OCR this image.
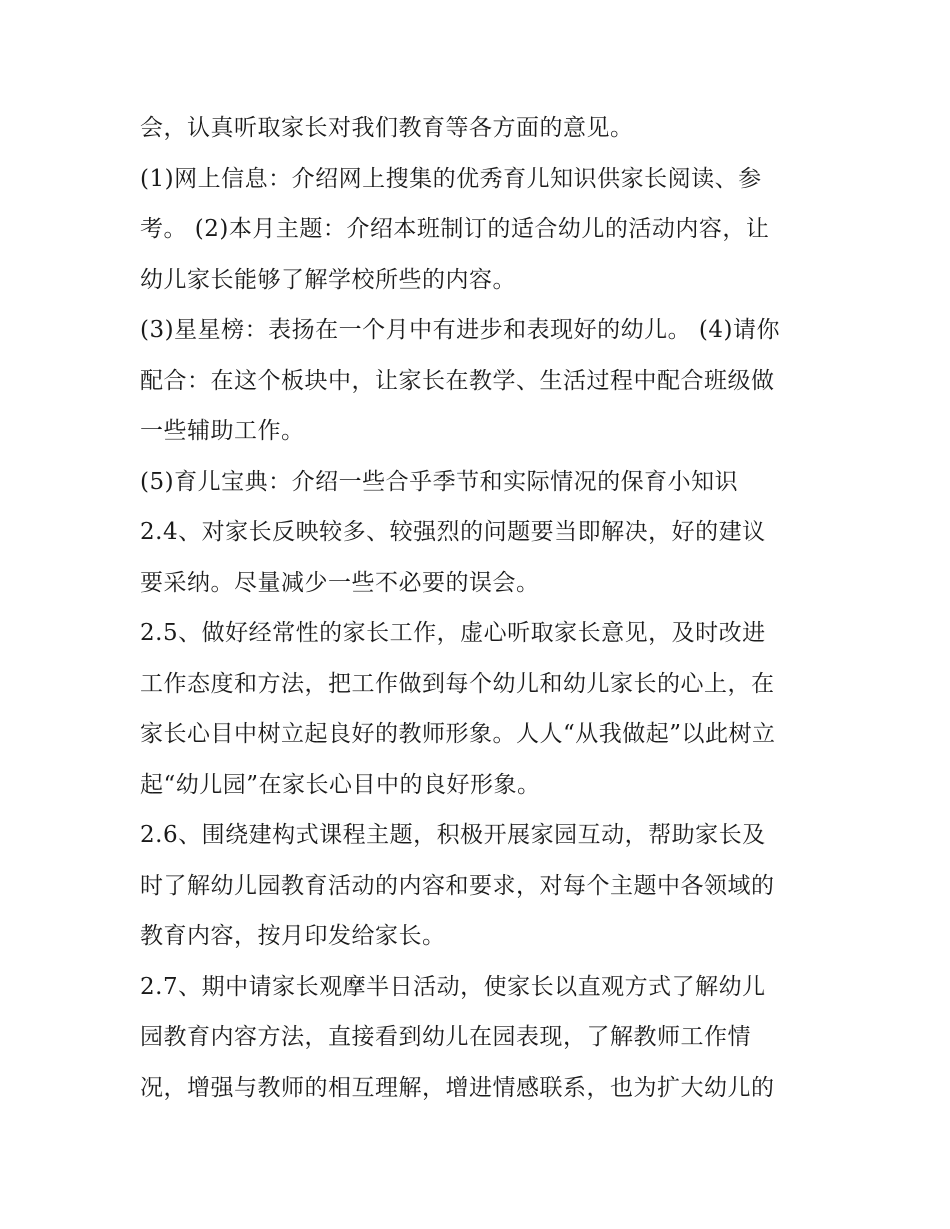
会，认真听取家长对我们教育等各方面的意见。
(1)网上信息：介绍网上搜集的优秀育儿知识供家长阅读、参
考。 (2)本月主题：介绍本班制订的适合幼儿的活动内容，让
幼儿家长能够了解学校所些的内容。
(3)星星榜：表扬在一个月中有进步和表现好的幼儿。 (4)请你
配合：在这个板块中，让家长在教学、生活过程中配合班级做
一些辅助工作。
(5)育儿宝典：介绍一些合乎季节和实际情况的保育小知识
2.4、对家长反映较多、较强烈的问题要当即解决，好的建议
要采纳。尽量减少一些不必要的误会。
2.5、做好经常性的家长工作，虚心听取家长意见，及时改进
工作态度和方法，把工作做到每个幼儿和幼儿家长的心上，在
家长心目中树立起良好的教师形象。人人“从我做起”以此树立
起“幼儿园”在家长心目中的良好形象。
2.6、围绕建构式课程主题，积极开展家园互动，帮助家长及
时了解幼儿园教育活动的内容和要求，对每个主题中各领域的
教育内容，按月印发给家长。
2.7、期中请家长观摩半日活动，使家长以直观方式了解幼儿
园教育内容方法，直接看到幼儿在园表现，了解教师工作情
况，增强与教师的相互理解，增进情感联系，也为扩大幼儿的
